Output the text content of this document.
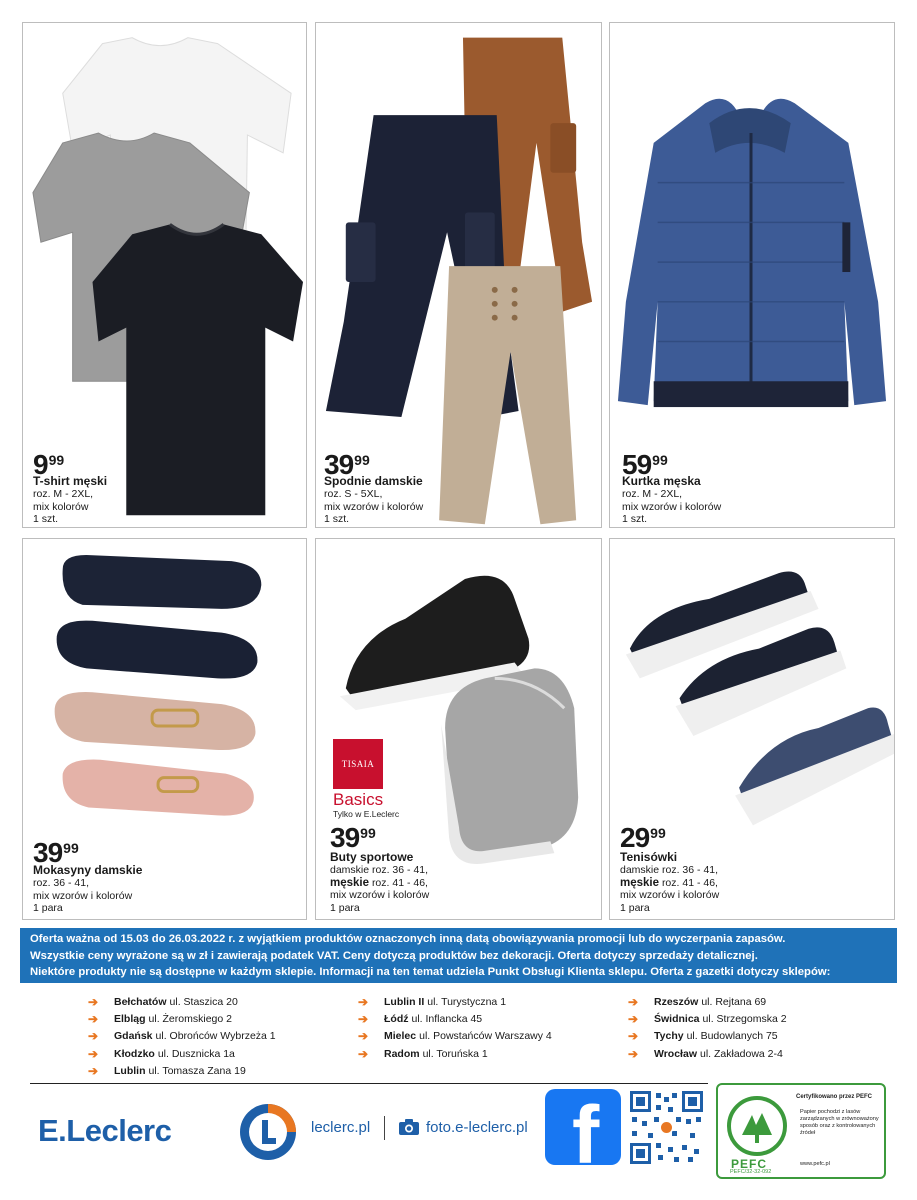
999
T-shirt męski
roz. M - 2XL,
mix kolorów
1 szt.
3999
Spodnie damskie
roz. S - 5XL,
mix wzorów i kolorów
1 szt.
5999
Kurtka męska
roz. M - 2XL,
mix wzorów i kolorów
1 szt.
3999
Mokasyny damskie
roz. 36 - 41,
mix wzorów i kolorów
1 para
TISAIA
Basics
Tylko w E.Leclerc
3999
Buty sportowe
damskie roz. 36 - 41,
męskie roz. 41 - 46,
mix wzorów i kolorów
1 para
2999
Tenisówki
damskie roz. 36 - 41,
męskie roz. 41 - 46,
mix wzorów i kolorów
1 para
Oferta ważna od 15.03 do 26.03.2022 r. z wyjątkiem produktów oznaczonych inną datą obowiązywania promocji lub do wyczerpania zapasów.
Wszystkie ceny wyrażone są w zł i zawierają podatek VAT. Ceny dotyczą produktów bez dekoracji. Oferta dotyczy sprzedaży detalicznej.
Niektóre produkty nie są dostępne w każdym sklepie. Informacji na ten temat udziela Punkt Obsługi Klienta sklepu. Oferta z gazetki dotyczy sklepów:
➔	Bełchatów ul. Staszica 20
➔	Elbląg ul. Żeromskiego 2
➔	Gdańsk ul. Obrońców Wybrzeża 1
➔	Kłodzko ul. Dusznicka 1a
➔	Lublin ul. Tomasza Zana 19
➔	Lublin II ul. Turystyczna 1
➔	Łódź ul. Inflancka 45
➔	Mielec ul. Powstańców Warszawy 4
➔	Radom ul. Toruńska 1
➔	Rzeszów ul. Rejtana 69
➔	Świdnica ul. Strzegomska 2
➔	Tychy ul. Budowlanych 75
➔	Wrocław ul. Zakładowa 2-4
E.Leclerc	leclerc.pl	foto.e-leclerc.pl f	PEFC
PEFC/32-32-092
Certyfikowano przez PEFC
Papier pochodzi z lasów zarządzanych w zrównoważony sposób oraz z kontrolowanych źródeł
www.pefc.pl
